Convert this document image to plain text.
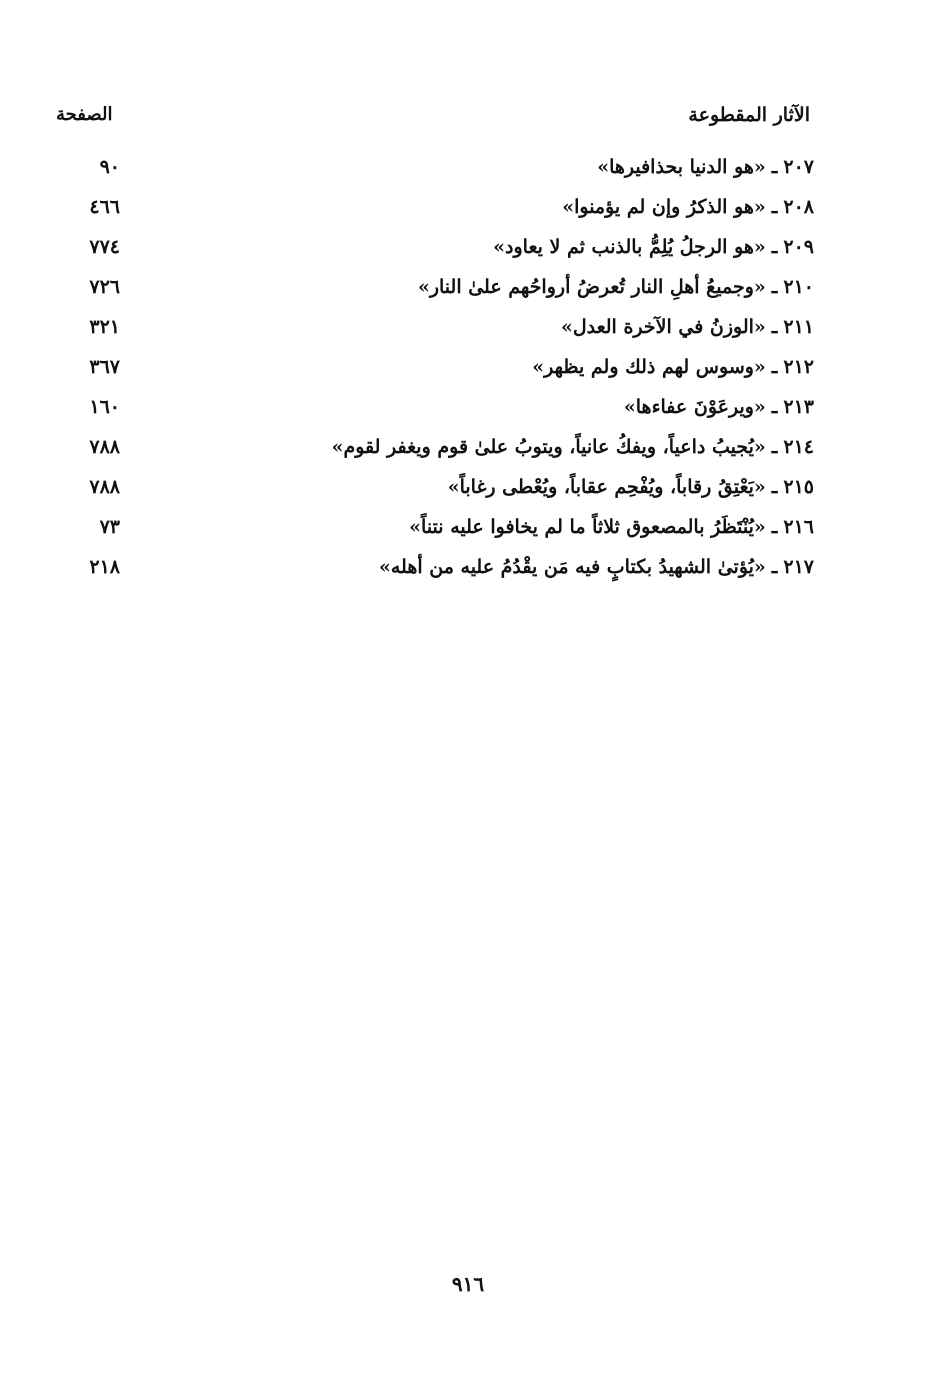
الآثار المقطوعة
الصفحة
٢٠٧ـ«هو الدنيا بحذافيرها»
٩٠
٢٠٨ـ«هو الذكرُ وإن لم يؤمنوا»
٤٦٦
٢٠٩ـ«هو الرجلُ يُلِمُّ بالذنب ثم لا يعاود»
٧٧٤
٢١٠ـ«وجميعُ أهلِ النار تُعرضُ أرواحُهم علىٰ النار»
٧٢٦
٢١١ـ«الوزنُ في الآخرة العدل»
٣٢١
٢١٢ـ«وسوس لهم ذلك ولم يظهر»
٣٦٧
٢١٣ـ«ويرعَوْنَ عفاءها»
١٦٠
٢١٤ـ«يُجيبُ داعياً، ويفكُ عانياً، ويتوبُ علىٰ قوم ويغفر لقوم»
٧٨٨
٢١٥ـ«يَعْتِقُ رقاباً، ويُفْحِم عقاباً، ويُعْطى رغاباً»
٧٨٨
٢١٦ـ«يُنْتَظَرُ بالمصعوق ثلاثاً ما لم يخافوا عليه نتناً»
٧٣
٢١٧ـ«يُؤتىٰ الشهيدُ بكتابٍ فيه مَن يقْدُمُ عليه من أهله»
٢١٨
٩١٦
